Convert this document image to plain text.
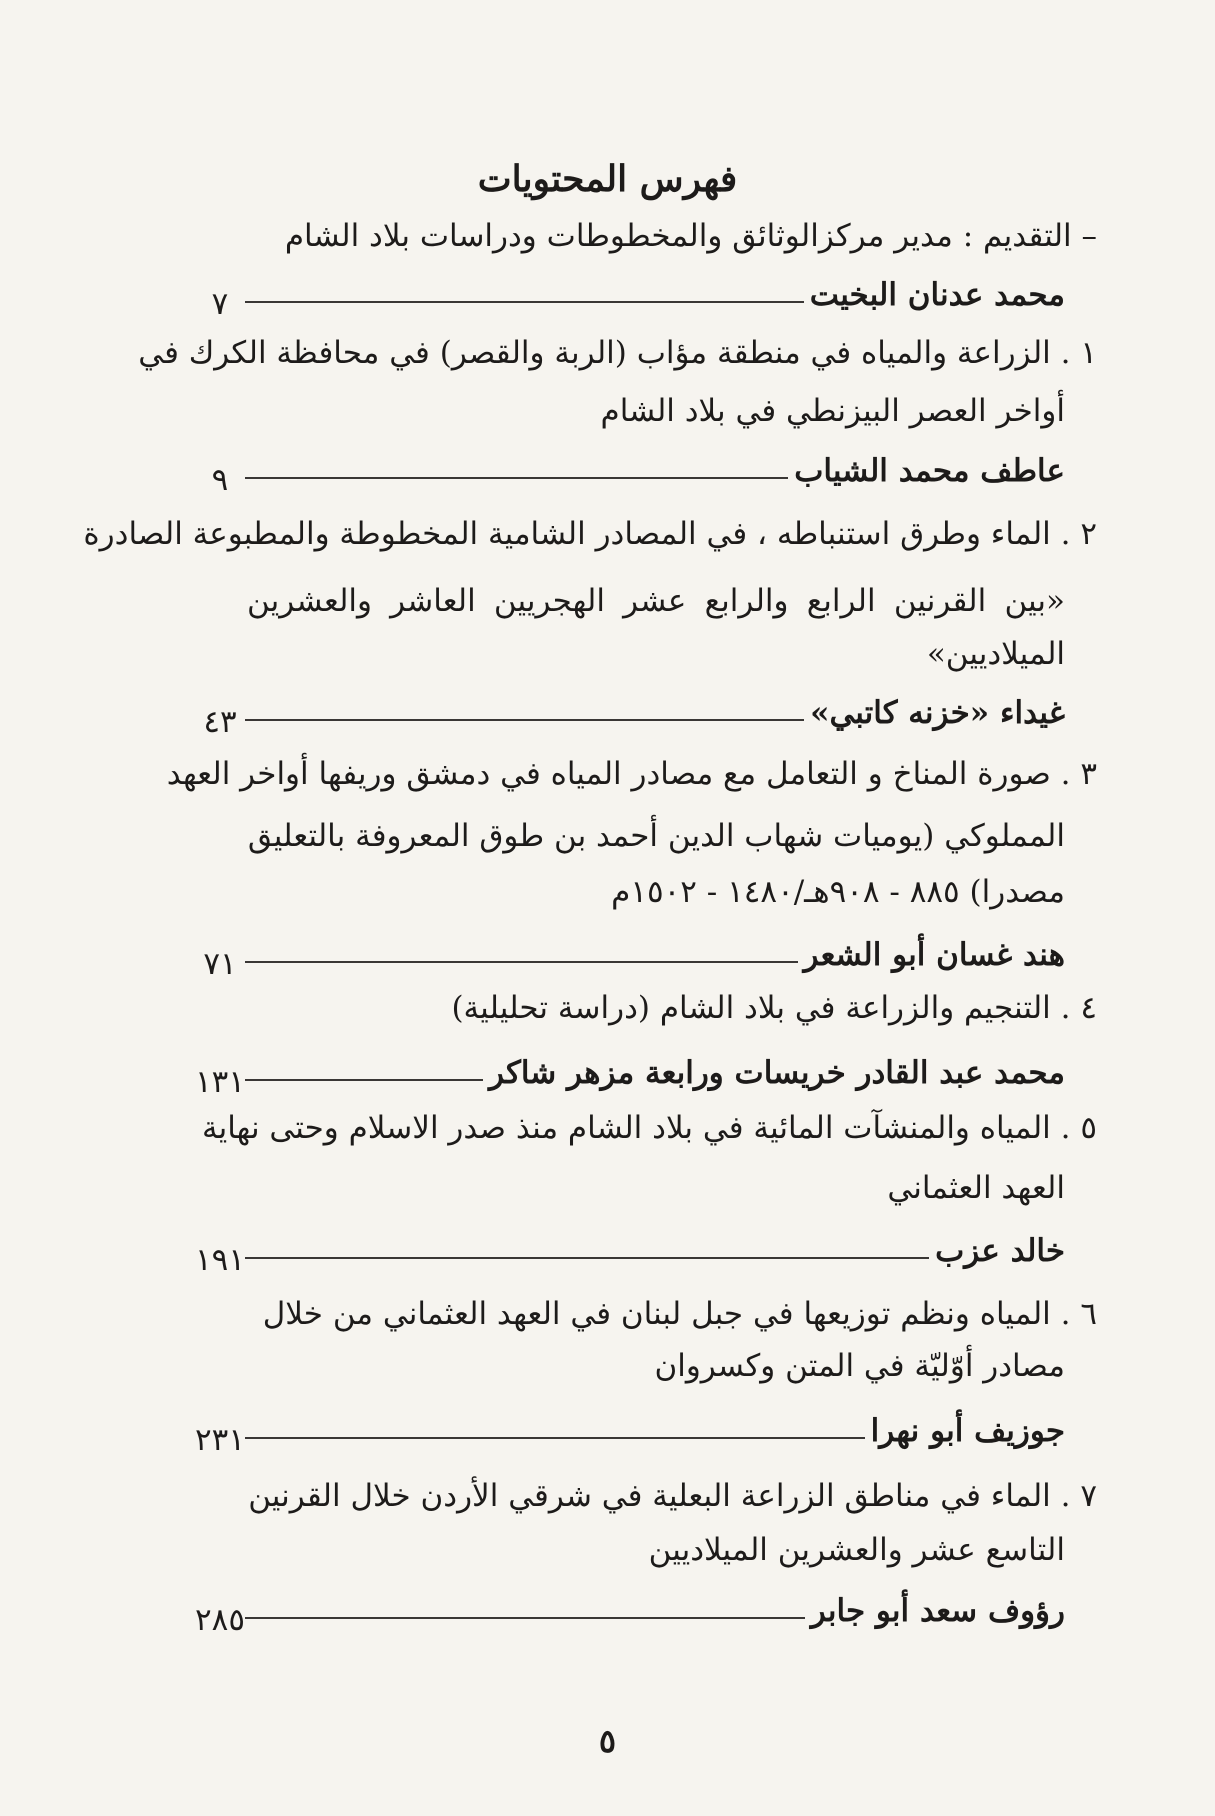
فهرس المحتويات
– التقديم : مدير مركزالوثائق والمخطوطات ودراسات بلاد الشام
محمد عدنان البخيت
٧
١ . الزراعة والمياه في منطقة مؤاب (الربة والقصر) في محافظة الكرك في
أواخر العصر البيزنطي في بلاد الشام
عاطف محمد الشياب
٩
٢ . الماء وطرق استنباطه ، في المصادر الشامية المخطوطة والمطبوعة الصادرة
«بين القرنين الرابع والرابع عشر الهجريين العاشر والعشرين
الميلاديين»
غيداء «خزنه كاتبي»
٤٣
٣ . صورة المناخ و التعامل مع مصادر المياه في دمشق وريفها أواخر العهد
المملوكي (يوميات شهاب الدين أحمد بن طوق المعروفة بالتعليق
مصدرا) ٨٨٥ - ٩٠٨هـ/١٤٨٠ - ١٥٠٢م
هند غسان أبو الشعر
٧١
٤ . التنجيم والزراعة في بلاد الشام (دراسة تحليلية)
محمد عبد القادر خريسات ورابعة مزهر شاكر
١٣١
٥ . المياه والمنشآت المائية في بلاد الشام منذ صدر الاسلام وحتى نهاية
العهد العثماني
خالد عزب
١٩١
٦ . المياه ونظم توزيعها في جبل لبنان في العهد العثماني من خلال
مصادر أوّليّة في المتن وكسروان
جوزيف أبو نهرا
٢٣١
٧ . الماء في مناطق الزراعة البعلية في شرقي الأردن خلال القرنين
التاسع عشر والعشرين الميلاديين
رؤوف سعد أبو جابر
٢٨٥
٥
